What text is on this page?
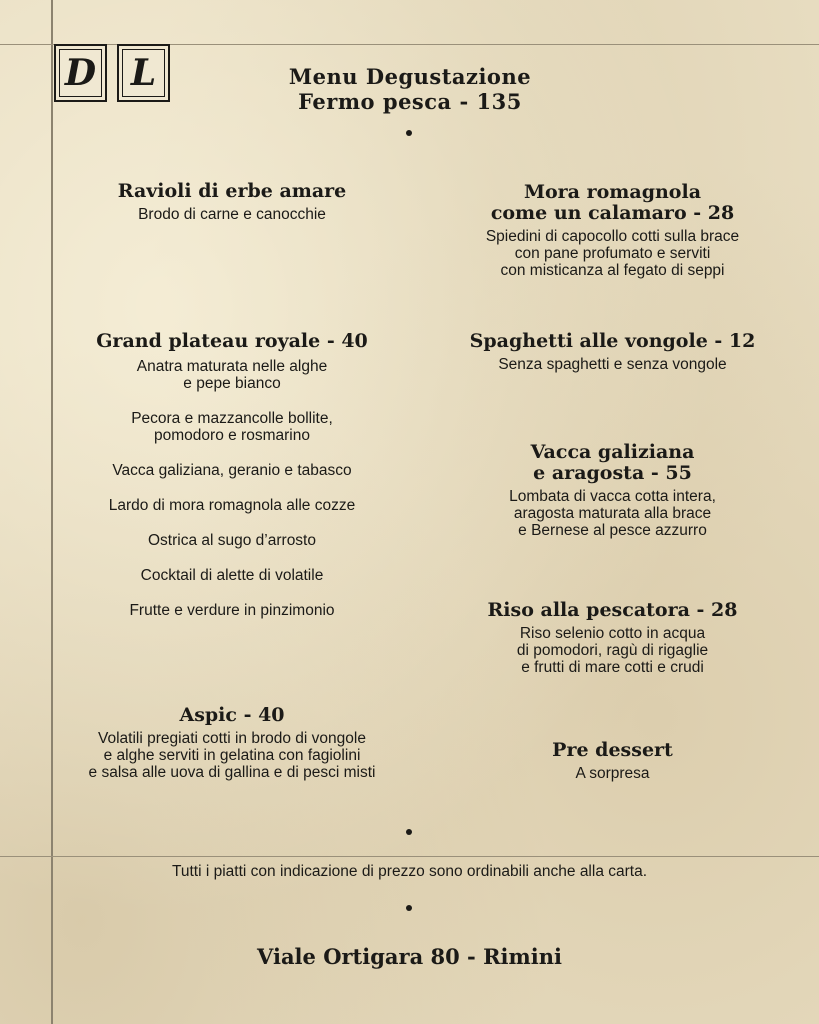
D L	Menu Degustazione
Fermo pesca - 135

Ravioli di erbe amare

Brodo di carne e canocchie

Grand plateau royale - 40

Anatra maturata nelle alghe
e pepe bianco

Pecora e mazzancolle bollite,
pomodoro e rosmarino

Vacca galiziana, geranio e tabasco

Lardo di mora romagnola alle cozze

Ostrica al sugo d’arrosto

Cocktail di alette di volatile

Frutte e verdure in pinzimonio

Aspic - 40

Volatili pregiati cotti in brodo di vongole
e alghe serviti in gelatina con fagiolini
e salsa alle uova di gallina e di pesci misti

Mora romagnola
come un calamaro - 28

Spiedini di capocollo cotti sulla brace
con pane profumato e serviti
con misticanza al fegato di seppi

Spaghetti alle vongole - 12

Senza spaghetti e senza vongole

Vacca galiziana
e aragosta - 55

Lombata di vacca cotta intera,
aragosta maturata alla brace
e Bernese al pesce azzurro

Riso alla pescatora - 28

Riso selenio cotto in acqua
di pomodori, ragù di rigaglie
e frutti di mare cotti e crudi

Pre dessert

A sorpresa

Tutti i piatti con indicazione di prezzo sono ordinabili anche alla carta.
Viale Ortigara 80 - Rimini
